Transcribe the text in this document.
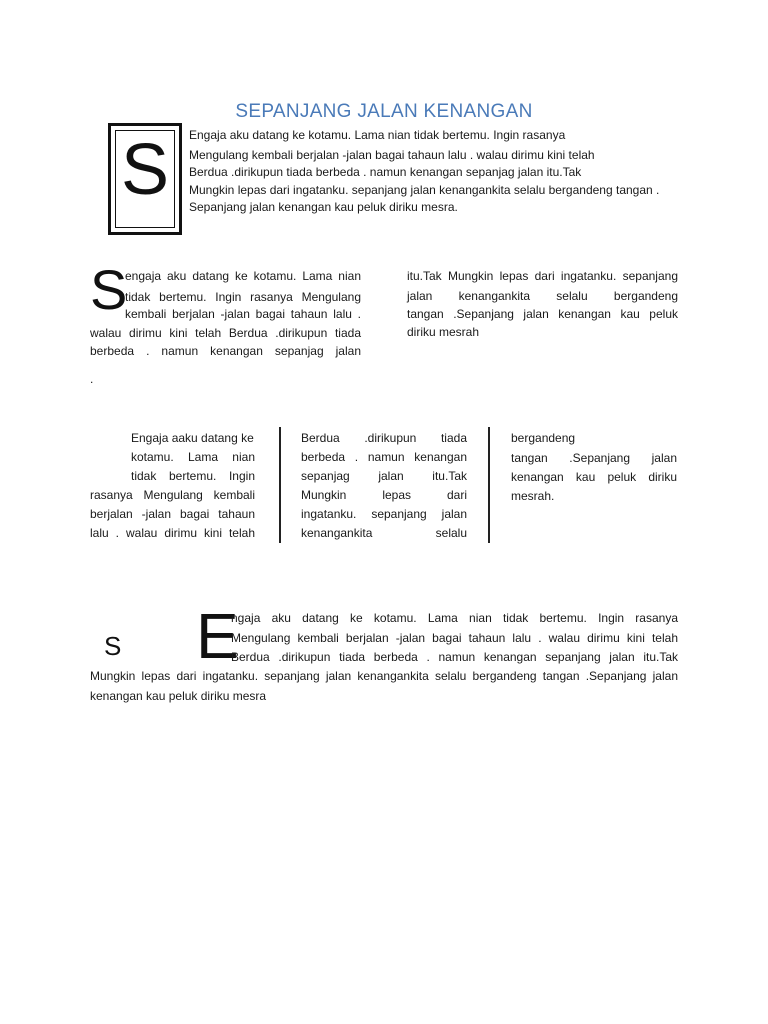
SEPANJANG JALAN KENANGAN
S	Engaja aku datang ke kotamu. Lama nian tidak bertemu. Ingin rasanya
Mengulang kembali berjalan -jalan bagai tahaun lalu . walau dirimu kini telah
Berdua .dirikupun tiada berbeda . namun kenangan sepanjag jalan itu.Tak
Mungkin lepas dari ingatanku. sepanjang jalan kenangankita selalu bergandeng tangan .
Sepanjang jalan kenangan kau peluk diriku mesra.
S
engaja aku datang ke kotamu. Lama nian
tidak bertemu. Ingin rasanya Mengulang
kembali berjalan -jalan bagai tahaun lalu .
walau dirimu kini telah Berdua .dirikupun tiada
berbeda . namun kenangan sepanjag jalan
.
itu.Tak Mungkin lepas dari ingatanku. sepanjang
jalan kenangankita selalu bergandeng
tangan .Sepanjang jalan kenangan kau peluk
diriku mesrah
Engaja aaku datang ke
kotamu. Lama nian
tidak bertemu. Ingin
rasanya Mengulang kembali
berjalan -jalan bagai tahaun
lalu . walau dirimu kini telah
Berdua .dirikupun tiada
berbeda . namun kenangan
sepanjag jalan itu.Tak
Mungkin lepas dari
ingatanku. sepanjang jalan
kenangankita selalu
bergandeng
tangan .Sepanjang jalan
kenangan kau peluk diriku
mesrah.
S E
ngaja aku datang ke kotamu. Lama nian tidak bertemu. Ingin rasanya
Mengulang kembali berjalan -jalan bagai tahaun lalu . walau dirimu kini telah
Berdua .dirikupun tiada berbeda . namun kenangan sepanjang jalan itu.Tak
Mungkin lepas dari ingatanku. sepanjang jalan kenangankita selalu bergandeng tangan .Sepanjang jalan
kenangan kau peluk diriku mesra
